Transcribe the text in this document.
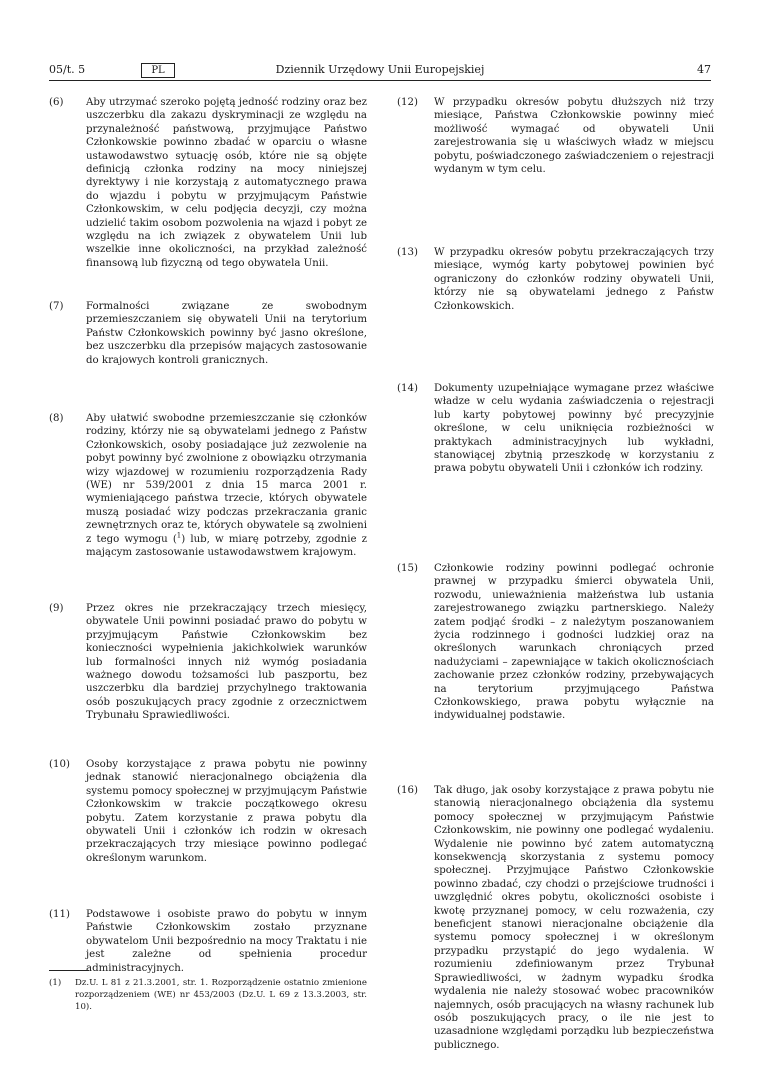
05/t. 5	PL	Dziennik Urzędowy Unii Europejskiej	47
(6)	Aby utrzymać szeroko pojętą jedność rodziny oraz bez uszczerbku dla zakazu dyskryminacji ze względu na przynależność państwową, przyjmujące Państwo Członkowskie powinno zbadać w oparciu o własne ustawodawstwo sytuację osób, które nie są objęte definicją członka rodziny na mocy niniejszej dyrektywy i nie korzystają z automatycznego prawa do wjazdu i pobytu w przyjmującym Państwie Członkowskim, w celu podjęcia decyzji, czy można udzielić takim osobom pozwolenia na wjazd i pobyt ze względu na ich związek z obywatelem Unii lub wszelkie inne okoliczności, na przykład zależność finansową lub fizyczną od tego obywatela Unii.
(7)	Formalności związane ze swobodnym przemieszczaniem się obywateli Unii na terytorium Państw Członkowskich powinny być jasno określone, bez uszczerbku dla przepisów mających zastosowanie do krajowych kontroli granicznych.
(8)	Aby ułatwić swobodne przemieszczanie się członków rodziny, którzy nie są obywatelami jednego z Państw Członkowskich, osoby posiadające już zezwolenie na pobyt powinny być zwolnione z obowiązku otrzymania wizy wjazdowej w rozumieniu rozporządzenia Rady (WE) nr 539/2001 z dnia 15 marca 2001 r. wymieniającego państwa trzecie, których obywatele muszą posiadać wizy podczas przekraczania granic zewnętrznych oraz te, których obywatele są zwolnieni z tego wymogu ($^1$) lub, w miarę potrzeby, zgodnie z mającym zastosowanie ustawodawstwem krajowym.
(9)	Przez okres nie przekraczający trzech miesięcy, obywatele Unii powinni posiadać prawo do pobytu w przyjmującym Państwie Członkowskim bez konieczności wypełnienia jakichkolwiek warunków lub formalności innych niż wymóg posiadania ważnego dowodu tożsamości lub paszportu, bez uszczerbku dla bardziej przychylnego traktowania osób poszukujących pracy zgodnie z orzecznictwem Trybunału Sprawiedliwości.
(10)	Osoby korzystające z prawa pobytu nie powinny jednak stanowić nieracjonalnego obciążenia dla systemu pomocy społecznej w przyjmującym Państwie Członkowskim w trakcie początkowego okresu pobytu. Zatem korzystanie z prawa pobytu dla obywateli Unii i członków ich rodzin w okresach przekraczających trzy miesiące powinno podlegać określonym warunkom.
(11)	Podstawowe i osobiste prawo do pobytu w innym Państwie Członkowskim zostało przyznane obywatelom Unii bezpośrednio na mocy Traktatu i nie jest zależne od spełnienia procedur administracyjnych.
(12)	W przypadku okresów pobytu dłuższych niż trzy miesiące, Państwa Członkowskie powinny mieć możliwość wymagać od obywateli Unii zarejestrowania się u właściwych władz w miejscu pobytu, poświadczonego zaświadczeniem o rejestracji wydanym w tym celu.
(13)	W przypadku okresów pobytu przekraczających trzy miesiące, wymóg karty pobytowej powinien być ograniczony do członków rodziny obywateli Unii, którzy nie są obywatelami jednego z Państw Członkowskich.
(14)	Dokumenty uzupełniające wymagane przez właściwe władze w celu wydania zaświadczenia o rejestracji lub karty pobytowej powinny być precyzyjnie określone, w celu uniknięcia rozbieżności w praktykach administracyjnych lub wykładni, stanowiącej zbytnią przeszkodę w korzystaniu z prawa pobytu obywateli Unii i członków ich rodziny.
(15)	Członkowie rodziny powinni podlegać ochronie prawnej w przypadku śmierci obywatela Unii, rozwodu, unieważnienia małżeństwa lub ustania zarejestrowanego związku partnerskiego. Należy zatem podjąć środki – z należytym poszanowaniem życia rodzinnego i godności ludzkiej oraz na określonych warunkach chroniących przed nadużyciami – zapewniające w takich okolicznościach zachowanie przez członków rodziny, przebywających na terytorium przyjmującego Państwa Członkowskiego, prawa pobytu wyłącznie na indywidualnej podstawie.
(16)	Tak długo, jak osoby korzystające z prawa pobytu nie stanowią nieracjonalnego obciążenia dla systemu pomocy społecznej w przyjmującym Państwie Członkowskim, nie powinny one podlegać wydaleniu. Wydalenie nie powinno być zatem automatyczną konsekwencją skorzystania z systemu pomocy społecznej. Przyjmujące Państwo Członkowskie powinno zbadać, czy chodzi o przejściowe trudności i uwzględnić okres pobytu, okoliczności osobiste i kwotę przyznanej pomocy, w celu rozważenia, czy beneficjent stanowi nieracjonalne obciążenie dla systemu pomocy społecznej i w określonym przypadku przystąpić do jego wydalenia. W rozumieniu zdefiniowanym przez Trybunał Sprawiedliwości, w żadnym wypadku środka wydalenia nie należy stosować wobec pracowników najemnych, osób pracujących na własny rachunek lub osób poszukujących pracy, o ile nie jest to uzasadnione względami porządku lub bezpieczeństwa publicznego.
(1) Dz.U. L 81 z 21.3.2001, str. 1. Rozporządzenie ostatnio zmienione rozporządzeniem (WE) nr 453/2003 (Dz.U. L 69 z 13.3.2003, str. 10).
